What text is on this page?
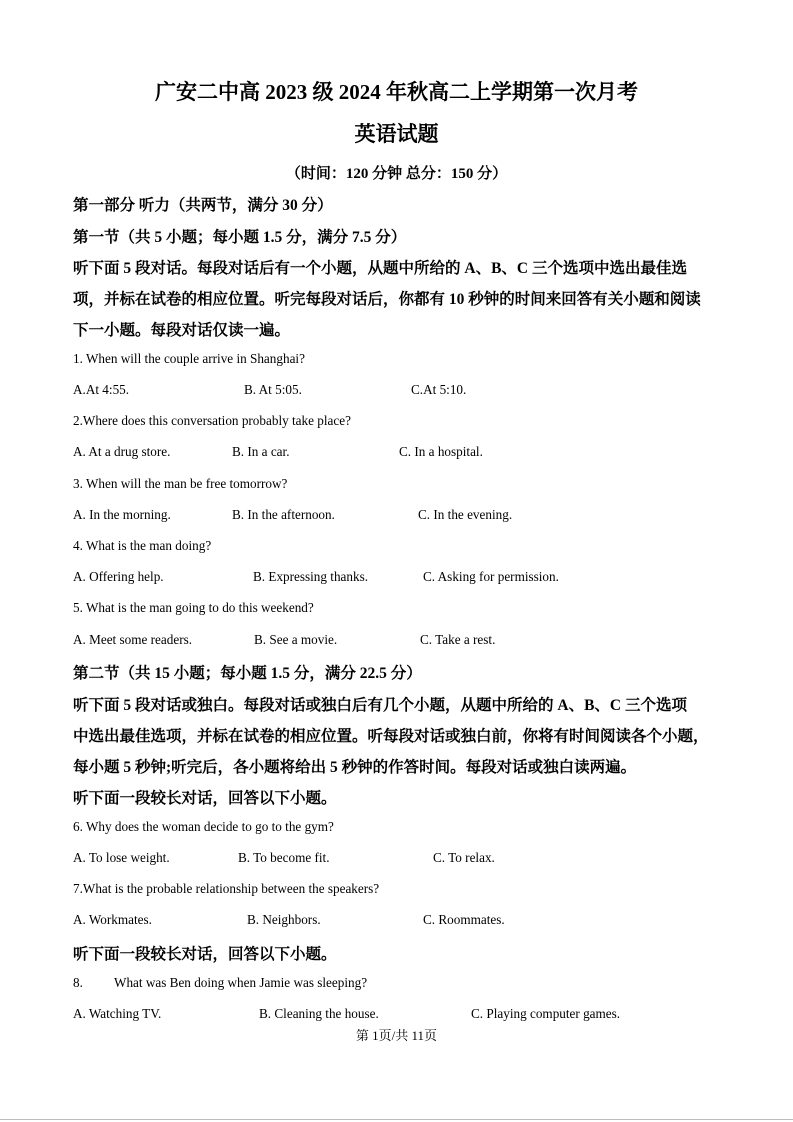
广安二中高 2023 级 2024 年秋高二上学期第一次月考
英语试题
（时间：120 分钟 总分：150 分）
第一部分 听力（共两节，满分 30 分）
第一节（共 5 小题；每小题 1.5 分，满分 7.5 分）
听下面 5 段对话。每段对话后有一个小题，从题中所给的 A、B、C 三个选项中选出最佳选
项，并标在试卷的相应位置。听完每段对话后，你都有 10 秒钟的时间来回答有关小题和阅读
下一小题。每段对话仅读一遍。
1. When will the couple arrive in Shanghai?
A.At 4:55.	B. At 5:05.	C.At 5:10.
2.Where does this conversation probably take place?
A. At a drug store.	B. In a car.	C. In a hospital.
3. When will the man be free tomorrow?
A. In the morning.	B. In the afternoon.	C. In the evening.
4. What is the man doing?
A. Offering help.	B. Expressing thanks.	C. Asking for permission.
5. What is the man going to do this weekend?
A. Meet some readers.	B. See a movie.	C. Take a rest.
第二节（共 15 小题；每小题 1.5 分，满分 22.5 分）
听下面 5 段对话或独白。每段对话或独白后有几个小题，从题中所给的 A、B、C 三个选项
中选出最佳选项，并标在试卷的相应位置。听每段对话或独白前，你将有时间阅读各个小题，
每小题 5 秒钟;听完后，各小题将给出 5 秒钟的作答时间。每段对话或独白读两遍。
听下面一段较长对话，回答以下小题。
6. Why does the woman decide to go to the gym?
A. To lose weight.	B. To become fit.	C. To relax.
7.What is the probable relationship between the speakers?
A. Workmates.	B. Neighbors.	C. Roommates.
听下面一段较长对话，回答以下小题。
8. What was Ben doing when Jamie was sleeping?
A. Watching TV.	B. Cleaning the house.	C. Playing computer games.
第 1页/共 11页
